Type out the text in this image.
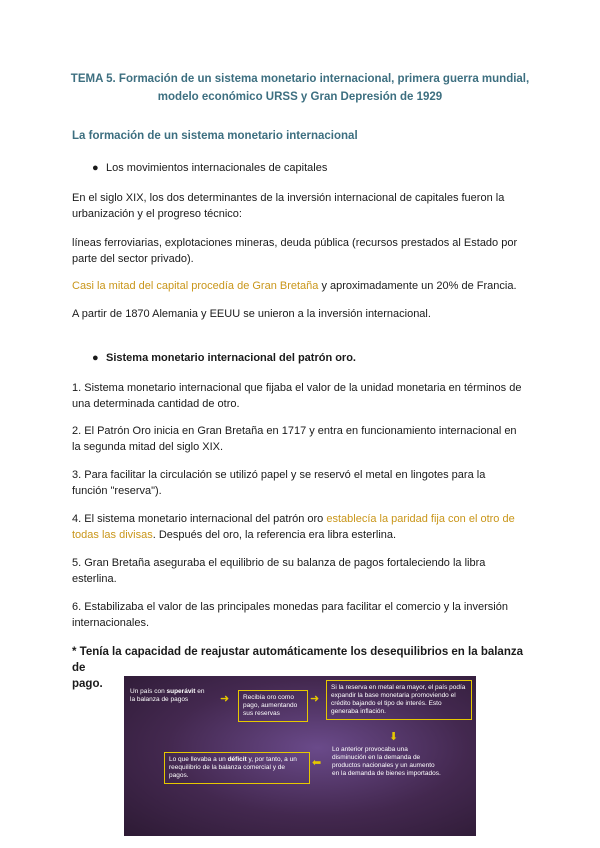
TEMA 5. Formación de un sistema monetario internacional, primera guerra mundial,
modelo económico URSS y Gran Depresión de 1929
La formación de un sistema monetario internacional
● Los movimientos internacionales de capitales
En el siglo XIX, los dos determinantes de la inversión internacional de capitales fueron la
urbanización y el progreso técnico:
líneas ferroviarias, explotaciones mineras, deuda pública (recursos prestados al Estado por
parte del sector privado).
Casi la mitad del capital procedía de Gran Bretaña y aproximadamente un 20% de Francia.
A partir de 1870 Alemania y EEUU se unieron a la inversión internacional.
● Sistema monetario internacional del patrón oro.
1. Sistema monetario internacional que fijaba el valor de la unidad monetaria en términos de
una determinada cantidad de otro.
2. El Patrón Oro inicia en Gran Bretaña en 1717 y entra en funcionamiento internacional en
la segunda mitad del siglo XIX.
3. Para facilitar la circulación se utilizó papel y se reservó el metal en lingotes para la
función "reserva").
4. El sistema monetario internacional del patrón oro establecía la paridad fija con el otro de
todas las divisas. Después del oro, la referencia era libra esterlina.
5. Gran Bretaña aseguraba el equilibrio de su balanza de pagos fortaleciendo la libra
esterlina.
6. Estabilizaba el valor de las principales monedas para facilitar el comercio y la inversión
internacionales.
* Tenía la capacidad de reajustar automáticamente los desequilibrios en la balanza de
pago.
Un país con superávit en la balanza de pagos	➜	Recibía oro como pago, aumentando sus reservas
➜
Si la reserva en metal era mayor, el país podía expandir la base monetaria promoviendo el crédito bajando el tipo de interés. Esto generaba inflación.
⬇
Lo anterior provocaba una disminución en la demanda de productos nacionales y un aumento en la demanda de bienes importados.
⬅
Lo que llevaba a un déficit y, por tanto, a un reequilibrio de la balanza comercial y de pagos.
